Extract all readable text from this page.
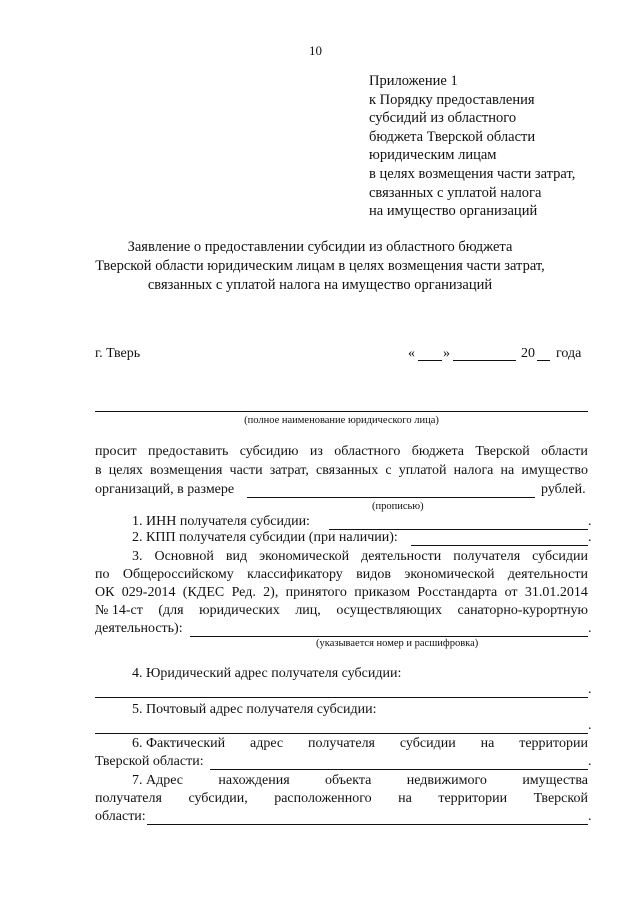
10
Приложение 1
к Порядку предоставления
субсидий из областного
бюджета Тверской области
юридическим лицам
в целях возмещения части затрат,
связанных с уплатой налога
на имущество организаций
Заявление о предоставлении субсидии из областного бюджета
Тверской области юридическим лицам в целях возмещения части затрат,
связанных с уплатой налога на имущество организаций
г. Тверь	« »	20 года
(полное наименование юридического лица)
просит предоставить субсидию из областного бюджета Тверской области
в целях возмещения части затрат, связанных с уплатой налога на имущество
организаций, в размере	рублей.
(прописью)
1. ИНН получателя субсидии:	.
2. КПП получателя субсидии (при наличии):	.
3. Основной вид экономической деятельности получателя субсидии
по Общероссийскому классификатору видов экономической деятельности
ОК 029-2014 (КДЕС Ред. 2), принятого приказом Росстандарта от 31.01.2014
№ 14-ст (для юридических лиц, осуществляющих санаторно-курортную
деятельность):	.
(указывается номер и расшифровка)
4. Юридический адрес получателя субсидии:
.
5. Почтовый адрес получателя субсидии:
.
6. Фактический адрес получателя субсидии на территории
Тверской области:	.
7. Адрес	нахождения	объекта	недвижимого	имущества
получателя субсидии, расположенного на территории Тверской
области:	.
